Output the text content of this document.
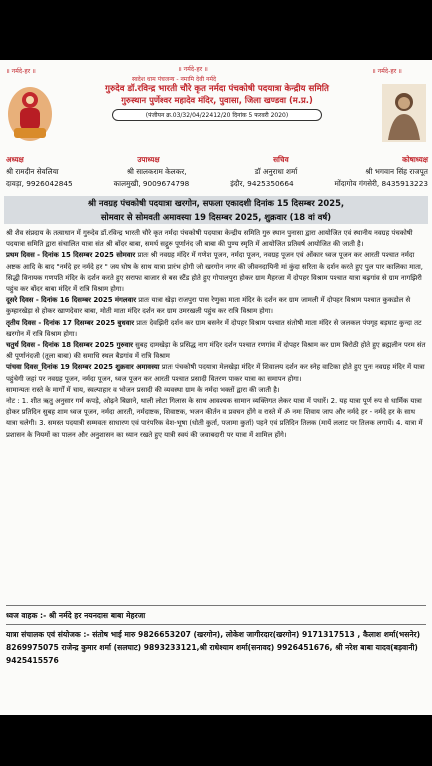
॥ नर्मदे-हर ॥	॥ नर्मदे-हर ॥	॥ नर्मदे-हर ॥
स्वदेश धाम पंचजन्य - नमामि देवी नर्मदे
गुरुदेव डॉ.रविन्द्र भारती चौरे कृत नर्मदा पंचकोषी पदयात्रा केन्द्रीय समिति
गुरुस्थान पुर्णेश्वर महादेव मंदिर, पुवासा, जिला खण्डवा (म.प्र.)
(पंजीयन क्र.03/32/04/22412/20 दिनांक 5 फरवरी 2020)
अध्यक्ष	उपाध्यक्ष	सचिव	कोषाध्यक्ष
श्री रामदीन सेवलिया	श्री सालकराम केलकर,	डॉ अनुराधा शर्मा	श्री भगवान सिंह राजपूत
दावड़ा, 9926042845	कालमुखी, 9009674798	इंदौर, 9425350664	मोंदागोव गंगसेरी, 8435913223
श्री नवग्रह पंचकोषी पदयात्रा खरगोन, सफला एकादशी दिनांक 15 दिसम्बर 2025,
सोमवार से सोमवती अमावस्या 19 दिसम्बर 2025, शुक्रवार (18 वां वर्ष)

श्री शैव संप्रदाय के तत्वाधान में गुरुदेव डॉ.रविन्द्र भारती चौरे कृत नर्मदा पंचकोषी पदयात्रा केन्द्रीय समिति गुरु स्थान पुनासा द्वारा आयोजित एवं स्थानीय नवग्रह पंचकोषी पदयात्रा समिति द्वारा संचालित यात्रा संत श्री बोंदर बाबा, समर्थ सद्गुरु पूर्णानंद जी बाबा की पुण्य स्मृति में आयोजित प्रतिवर्ष आयोजित की जाती है।

प्रथम दिवस - दिनांक 15 दिसम्बर 2025 सोमवार प्रातः श्री नवग्रह मंदिर में गणेश पूजन, नर्मदा पूजन, नवग्रह पूजन एवं ओंकार ध्वज पूजन कर आरती पश्चात नर्मदा अष्टक आदि के बाद "नर्मदे हर नर्मदे हर " जय घोष के साथ यात्रा प्रारंभ होगी जो खरगोन नगर की जीवनदायिनी मां कुंदा सरिता के दर्शन करते हुए पुल पार कालिका माता, सिद्धी विनायक गणपति मंदिर के दर्शन करते हुए सराफा बाजार से बस स्टैंड होते हुए गोपालपुरा होकर ग्राम मैहरजा में दोपहर विश्राम पश्चात यात्रा बढ़गांव से ग्राम नागझिरी पहुंच कर बोंदर बाबा मंदिर में रात्रि विश्राम होगा।

दूसरे दिवस - दिनांक 16 दिसम्बर 2025 मंगलवार प्रातः यात्रा खेड़ा राजपुरा पास रेणुका माता मंदिर के दर्शन कर ग्राम जामली में दोपहर विश्राम पश्चात कुकडोल से कुम्हारखेड़ा से होकर खाणदेवार बाबा, मोती माता मंदिर दर्शन कर ग्राम उमरखली पहुंच कर रात्रि विश्राम होगा।

तृतीय दिवस - दिनांक 17 दिसम्बर 2025 बुधवार प्रातः देवझिरी दर्शन कर ग्राम बसनेर में दोपहर विश्राम पश्चात संतोषी माता मंदिर से जलकल पंपगृह बड़घाट कुन्दा तट खरगोन में रात्रि विश्राम होगा।

चतुर्थ दिवस - दिनांक 18 दिसम्बर 2025 गुरुवार सुबह दामखेड़ा के प्रसिद्ध नाग मंदिर दर्शन पश्चात रणगांव में दोपहर विश्राम कर ग्राम बिरोठी होते हुए ब्रह्मलीन परम संत श्री पूर्णानंदजी (तूला बाबा) की समाधि स्थल बैडगांव में रात्रि विश्राम

पांचवा दिवस_दिनांक 19 दिसम्बर 2025 शुक्रवार अमावस्या प्रातः पंचकोषी पदयात्रा मेलखेड़ा मंदिर में शिवालय दर्शन कर स्नेह वाटिका होते हुए पुनः नवग्रह मंदिर में यात्रा पहुंचेगी जहां पर नवग्रह पूजन, नर्मदा पूजन, ध्वज पूजन कर आरती पश्चात प्रसादी वितरण पाकर यात्रा का समापन होगा।

सामान्यतः रास्ते के मार्गों में चाय, स्वल्पाहार व भोजन प्रसादी की व्यवस्था ग्राम के नर्मदा भक्तों द्वारा की जाती है।

नोट : 1. शीत ऋतु अनुसार गर्म कपड़े, ओढ़ने बिछाने, थाली लोटा गिलास के साथ आवश्यक सामान व्यक्तिगत लेकर यात्रा में पधारें। 2. यह यात्रा पूर्ण रुप से धार्मिक यात्रा होकर प्रतिदिन सुबह शाम ध्वज पूजन, नर्मदा आरती, नर्मदाष्टक, शिवाष्टक, भजन कीर्तन व प्रवचन होंगे व रास्ते में ॐ नमः शिवाय जाप और नर्मदे हर - नर्मदे हर के साथ यात्रा चलेगी। 3. समस्त पदयात्री सम्मवतः साधारण एवं पारंपरिक वेश-भूषा (धोती कुर्ता, पजामा कुर्ता) पहने एवं प्रतिदिन तिलक (मायें ललाट पर तिलक लगायें। 4. यात्रा में प्रशासन के नियमों का पालन और अनुशासन का ध्यान रखते हुए यात्री स्वयं की जवाबदारी पर यात्रा में शामिल होंगे।

ध्वज वाहक :- श्री नर्मदे हर नयनदास बाबा मेहरजा
यात्रा संचालक एवं संयोजक :- संतोष भाई मारु 9826653207 (खरगोन), लोकेश जागीरदार(खरगोन) 9171317513 , कैलाश शर्मा(भसनेर) 8269975075 राजेन्द्र कुमार शर्मा (सलघाट) 9893233121,श्री राधेश्याम शर्मा(सनावद) 9926451676, श्री नरेश बाबा यादव(बड़वानी) 9425415576
